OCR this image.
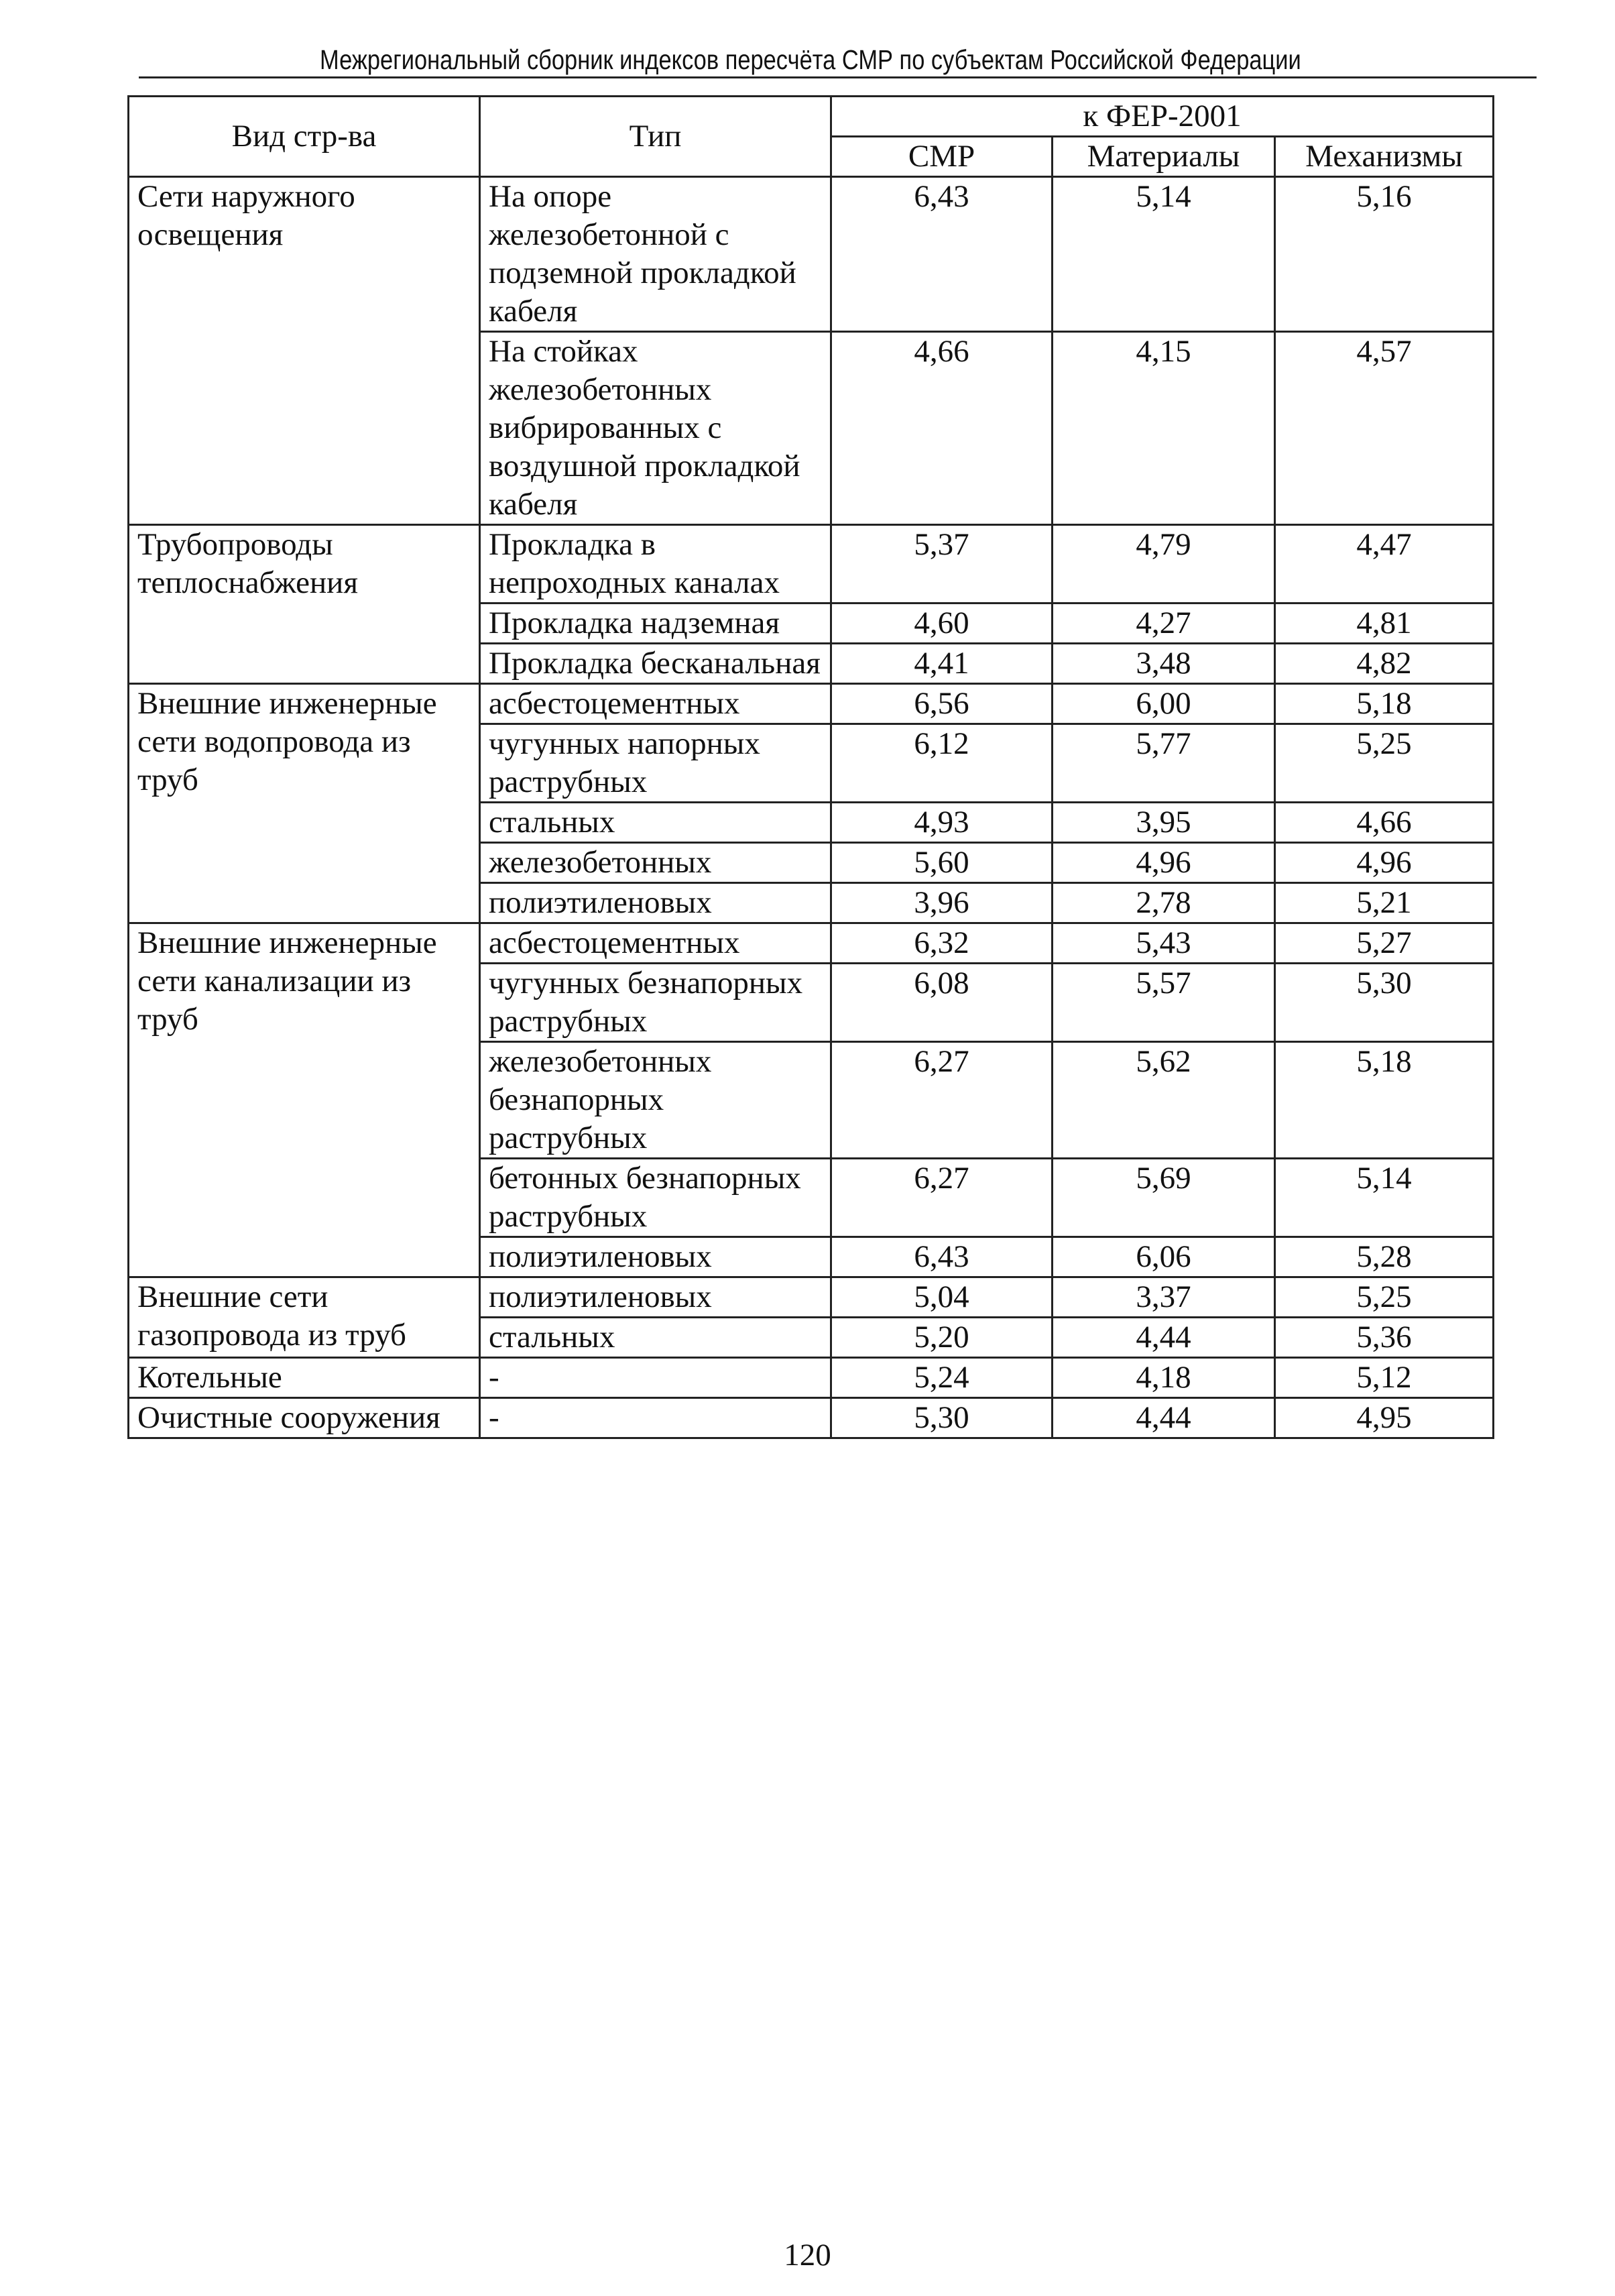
Межрегиональный сборник индексов пересчёта СМР по субъектам Российской Федерации
Вид стр-ва	Тип	к ФЕР-2001		
		СМР	Материалы	Механизмы
Сети наружного освещения	На опоре железобетонной с подземной прокладкой кабеля	6,43	5,14	5,16
	На стойках железобетонных вибрированных с воздушной прокладкой кабеля	4,66	4,15	4,57
Трубопроводы теплоснабжения	Прокладка в непроходных каналах	5,37	4,79	4,47
	Прокладка надземная	4,60	4,27	4,81
	Прокладка бесканальная	4,41	3,48	4,82
Внешние инженерные сети водопровода из труб	асбестоцементных	6,56	6,00	5,18
	чугунных напорных раструбных	6,12	5,77	5,25
	стальных	4,93	3,95	4,66
	железобетонных	5,60	4,96	4,96
	полиэтиленовых	3,96	2,78	5,21
Внешние инженерные сети канализации из труб	асбестоцементных	6,32	5,43	5,27
	чугунных безнапорных раструбных	6,08	5,57	5,30
	железобетонных безнапорных раструбных	6,27	5,62	5,18
	бетонных безнапорных раструбных	6,27	5,69	5,14
	полиэтиленовых	6,43	6,06	5,28
Внешние сети газопровода из труб	полиэтиленовых	5,04	3,37	5,25
	стальных	5,20	4,44	5,36
Котельные	-	5,24	4,18	5,12
Очистные сооружения	-	5,30	4,44	4,95
120
